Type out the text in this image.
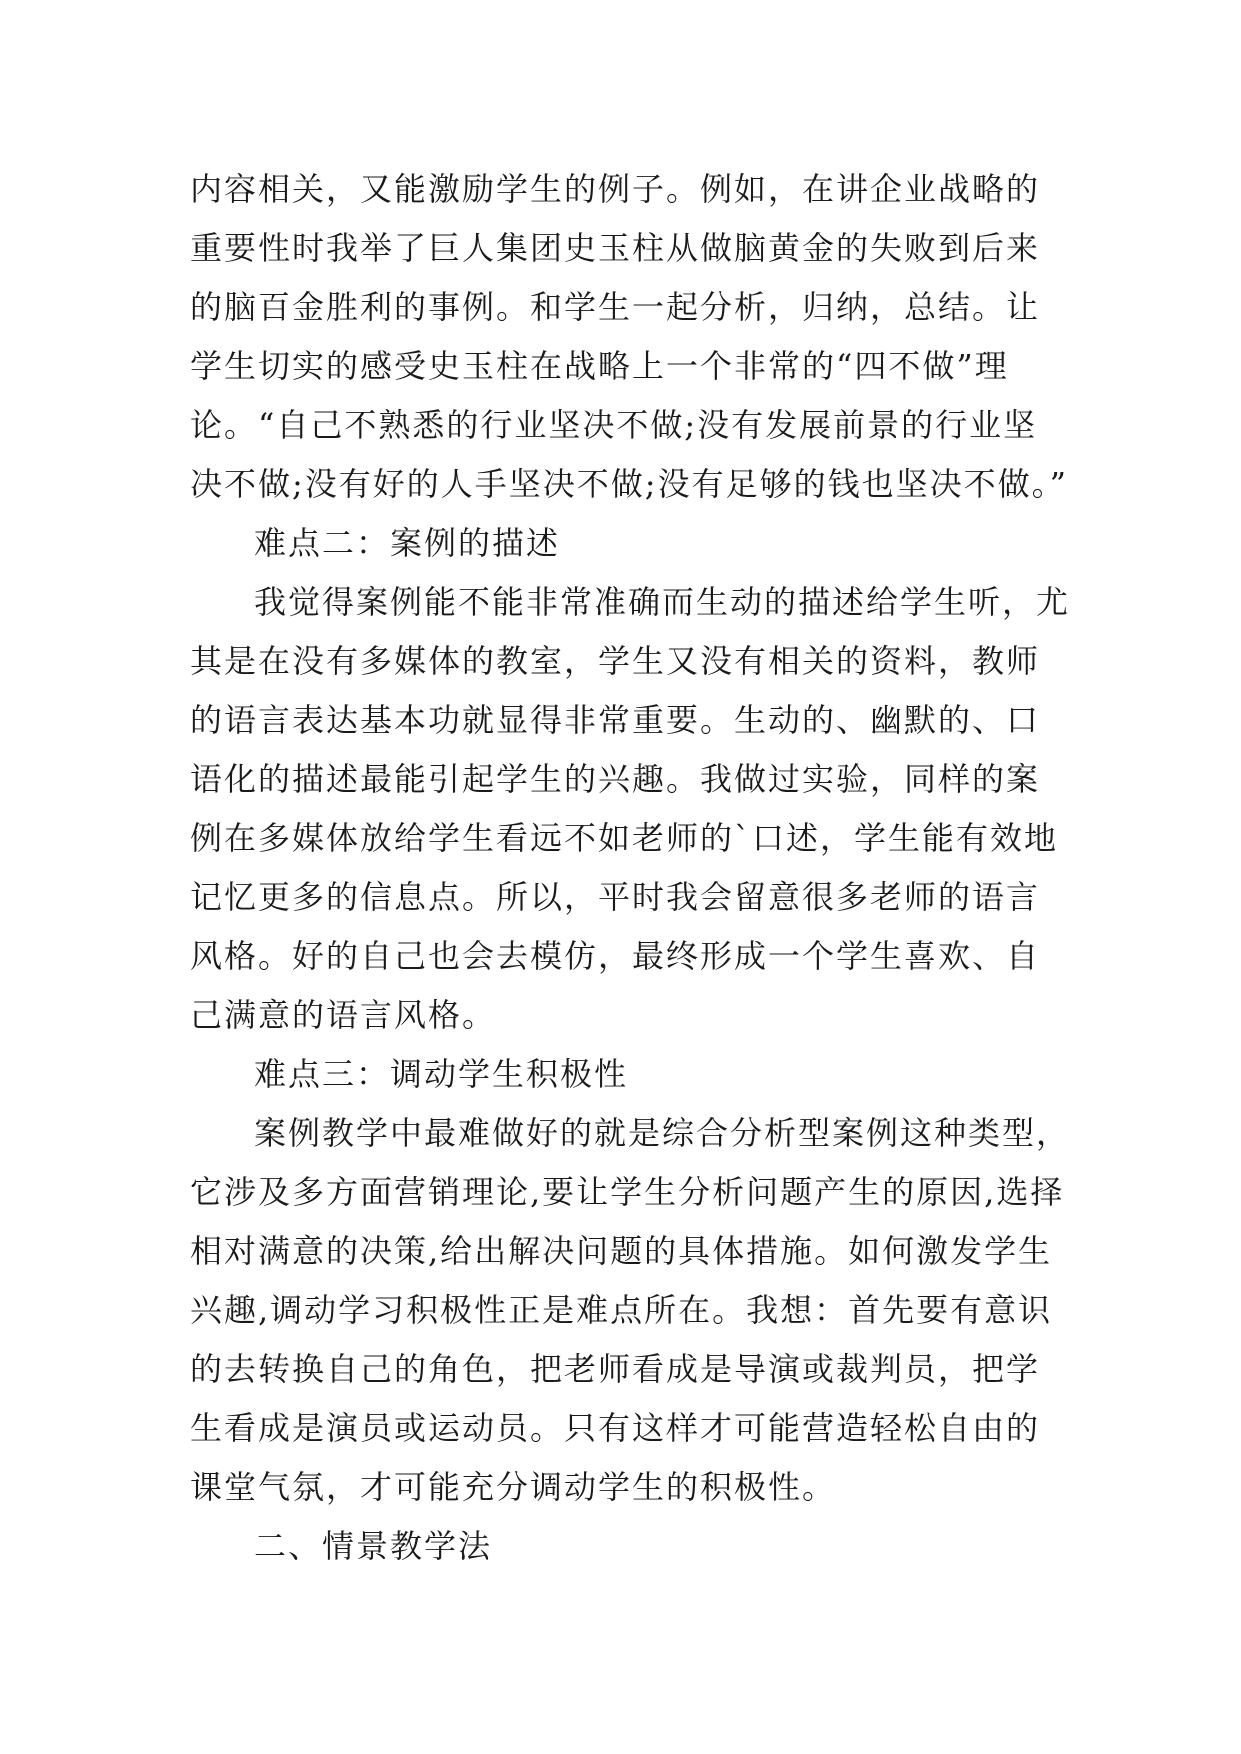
内容相关，又能激励学生的例子。例如，在讲企业战略的重要性时我举了巨人集团史玉柱从做脑黄金的失败到后来的脑百金胜利的事例。和学生一起分析，归纳，总结。让学生切实的感受史玉柱在战略上一个非常的“四不做”理论。“自己不熟悉的行业坚决不做;没有发展前景的行业坚决不做;没有好的人手坚决不做;没有足够的钱也坚决不做。”

难点二：案例的描述

我觉得案例能不能非常准确而生动的描述给学生听，尤其是在没有多媒体的教室，学生又没有相关的资料，教师的语言表达基本功就显得非常重要。生动的、幽默的、口语化的描述最能引起学生的兴趣。我做过实验，同样的案例在多媒体放给学生看远不如老师的`口述，学生能有效地记忆更多的信息点。所以，平时我会留意很多老师的语言风格。好的自己也会去模仿，最终形成一个学生喜欢、自己满意的语言风格。

难点三：调动学生积极性

案例教学中最难做好的就是综合分析型案例这种类型，它涉及多方面营销理论,要让学生分析问题产生的原因,选择相对满意的决策,给出解决问题的具体措施。如何激发学生兴趣,调动学习积极性正是难点所在。我想：首先要有意识的去转换自己的角色，把老师看成是导演或裁判员，把学生看成是演员或运动员。只有这样才可能营造轻松自由的课堂气氛，才可能充分调动学生的积极性。

二、情景教学法
